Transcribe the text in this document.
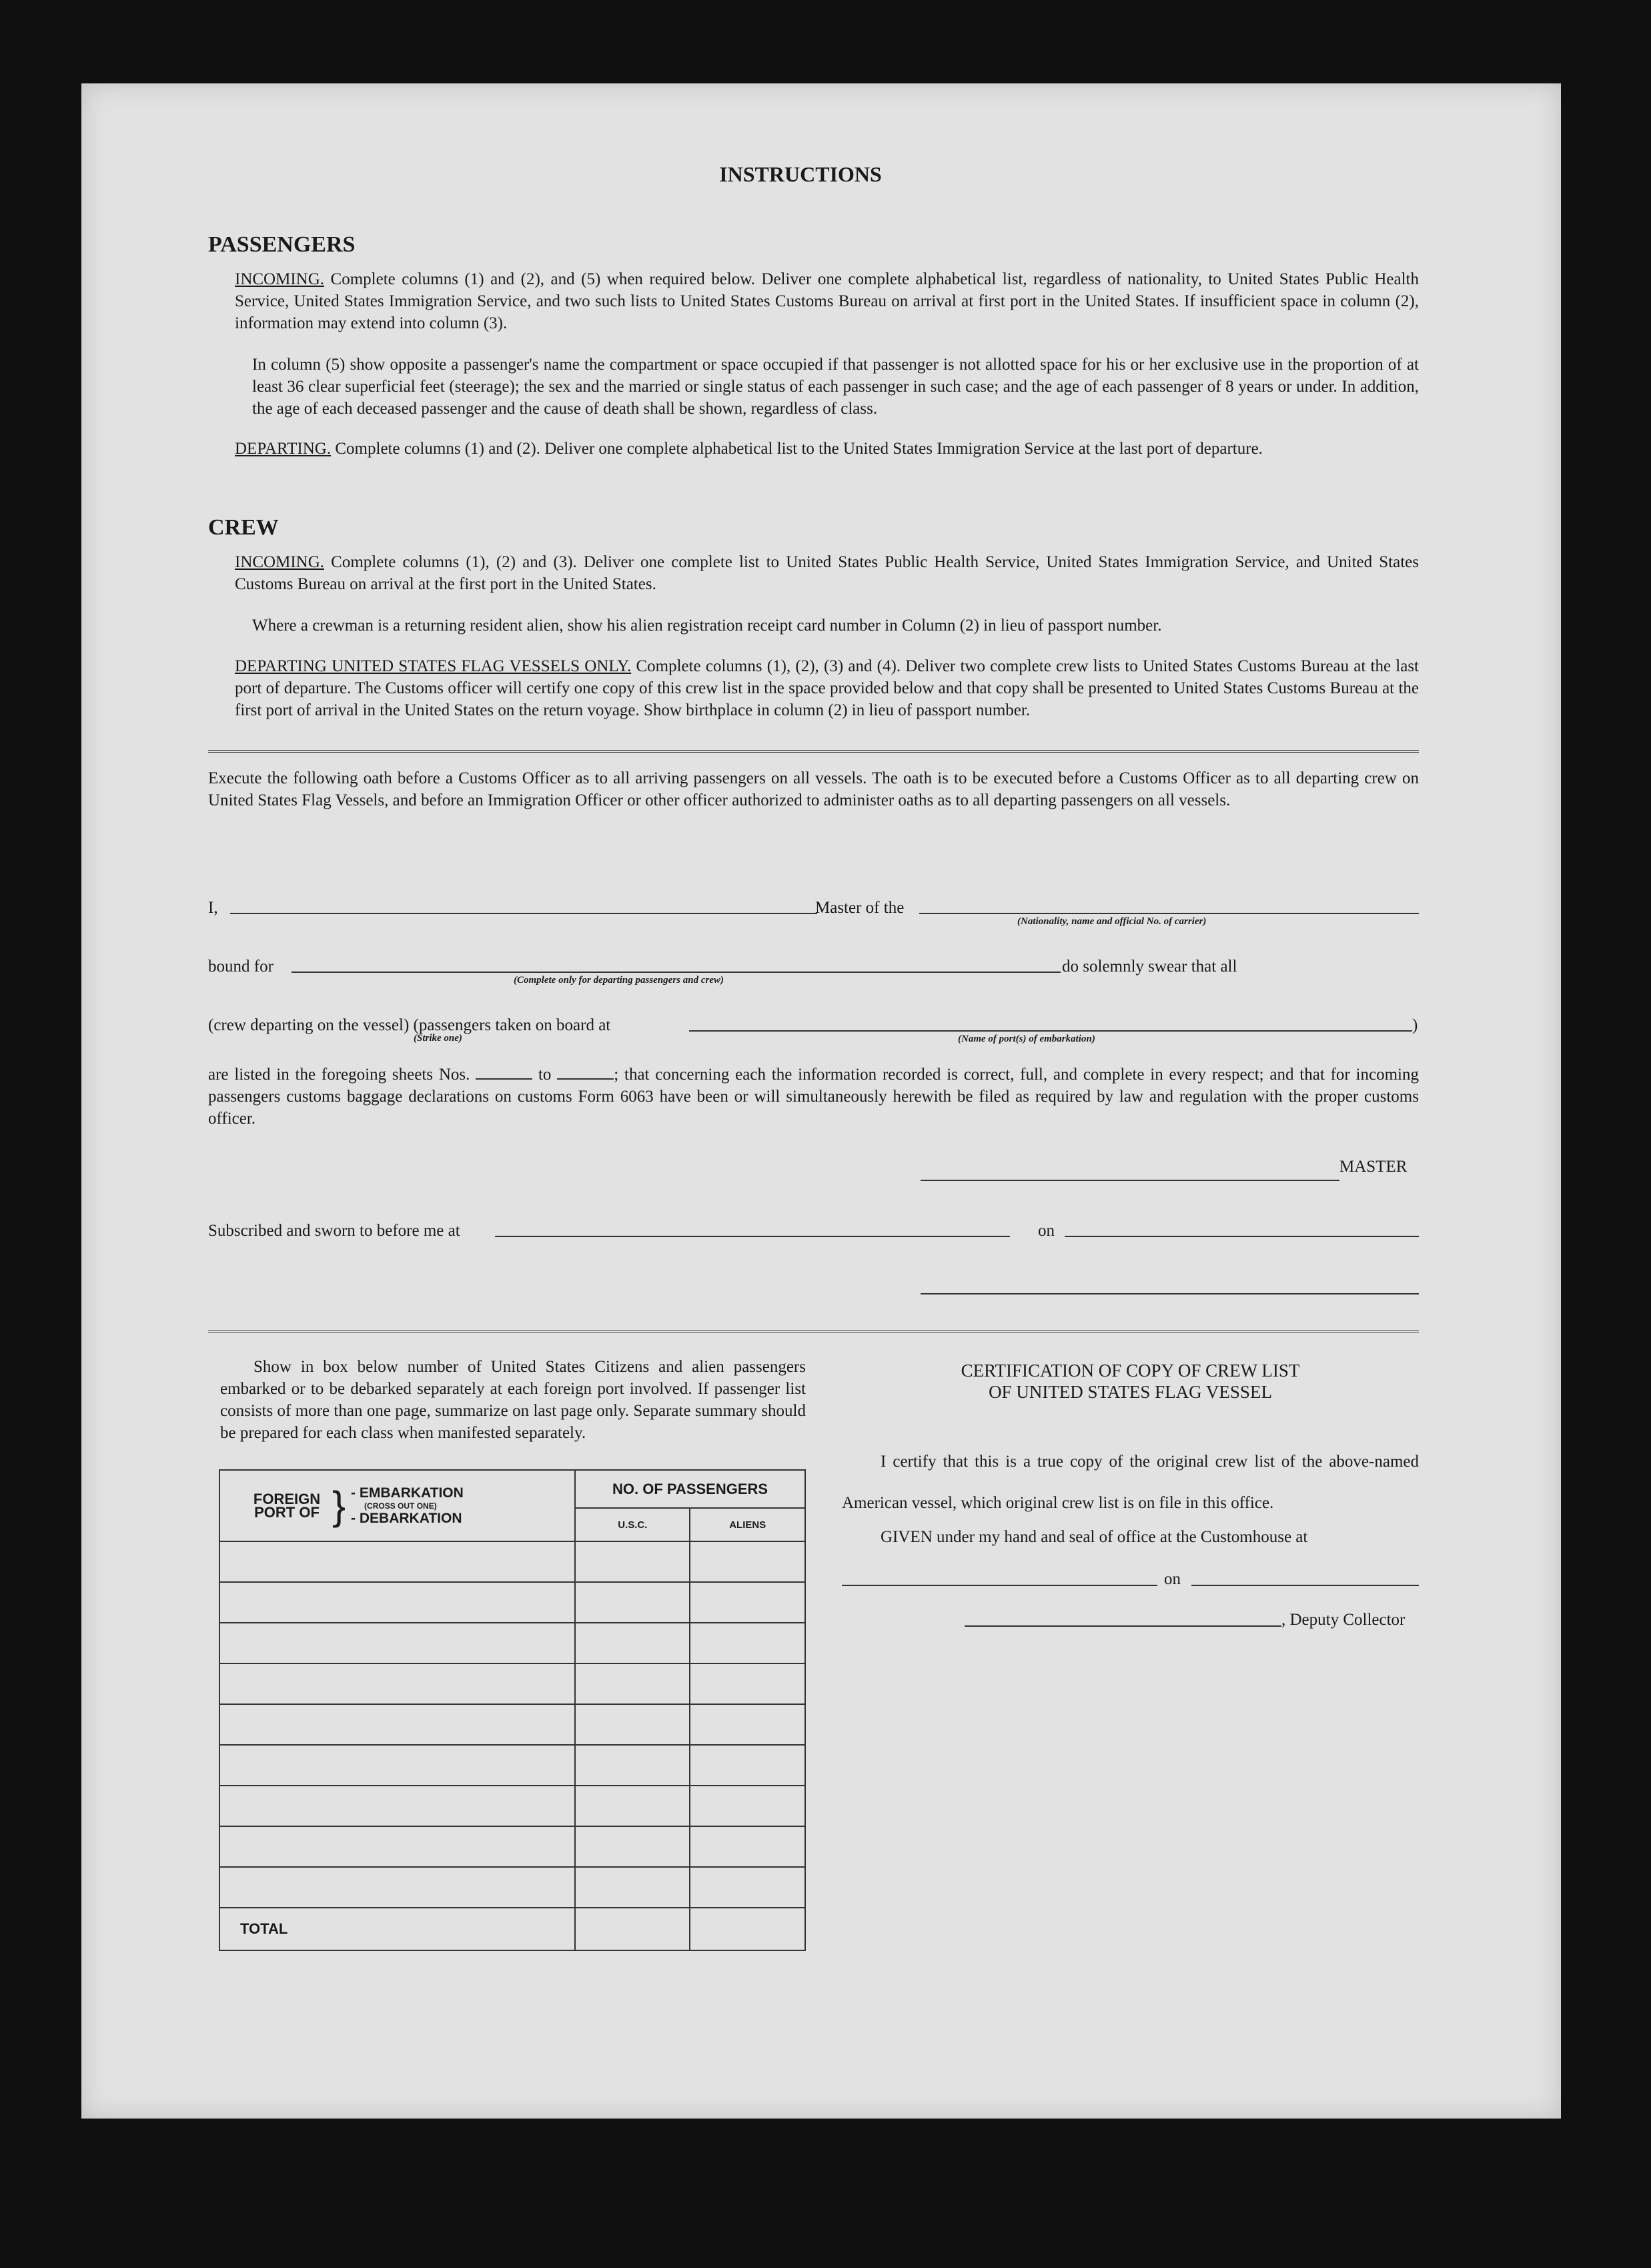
INSTRUCTIONS
PASSENGERS
INCOMING. Complete columns (1) and (2), and (5) when required below. Deliver one complete alphabetical list, regardless of nationality, to United States Public Health Service, United States Immigration Service, and two such lists to United States Customs Bureau on arrival at first port in the United States. If insufficient space in column (2), information may extend into column (3).
In column (5) show opposite a passenger's name the compartment or space occupied if that passenger is not allotted space for his or her exclusive use in the proportion of at least 36 clear superficial feet (steerage); the sex and the married or single status of each passenger in such case; and the age of each passenger of 8 years or under. In addition, the age of each deceased passenger and the cause of death shall be shown, regardless of class.
DEPARTING. Complete columns (1) and (2). Deliver one complete alphabetical list to the United States Immigration Service at the last port of departure.
CREW
INCOMING. Complete columns (1), (2) and (3). Deliver one complete list to United States Public Health Service, United States Immigration Service, and United States Customs Bureau on arrival at the first port in the United States.
Where a crewman is a returning resident alien, show his alien registration receipt card number in Column (2) in lieu of passport number.
DEPARTING UNITED STATES FLAG VESSELS ONLY. Complete columns (1), (2), (3) and (4). Deliver two complete crew lists to United States Customs Bureau at the last port of departure. The Customs officer will certify one copy of this crew list in the space provided below and that copy shall be presented to United States Customs Bureau at the first port of arrival in the United States on the return voyage. Show birthplace in column (2) in lieu of passport number.
Execute the following oath before a Customs Officer as to all arriving passengers on all vessels. The oath is to be executed before a Customs Officer as to all departing crew on United States Flag Vessels, and before an Immigration Officer or other officer authorized to administer oaths as to all departing passengers on all vessels.
I,	Master of the
(Nationality, name and official No. of carrier)
bound for
(Complete only for departing passengers and crew)
do solemnly swear that all
(crew departing on the vessel) (passengers taken on board at
(Strike one)	(Name of port(s) of embarkation)
)
are listed in the foregoing sheets Nos.	to	; that concerning each the information recorded is correct, full, and complete in every respect; and that for incoming passengers customs baggage declarations on customs Form 6063 have been or will simultaneously herewith be filed as required by law and regulation with the proper customs officer.
MASTER
Subscribed and sworn to before me at	on
Show in box below number of United States Citizens and alien passengers embarked or to be debarked separately at each foreign port involved. If passenger list consists of more than one page, summarize on last page only. Separate summary should be prepared for each class when manifested separately.
FOREIGN PORT OF } - EMBARKATION
(CROSS OUT ONE)
- DEBARKATION	NO. OF PASSENGERS	
	U.S.C.	ALIENS

TOTAL		
CERTIFICATION OF COPY OF CREW LIST
OF UNITED STATES FLAG VESSEL
I certify that this is a true copy of the original crew list of the above-named American vessel, which original crew list is on file in this office.
GIVEN under my hand and seal of office at the Customhouse at
on
, Deputy Collector
